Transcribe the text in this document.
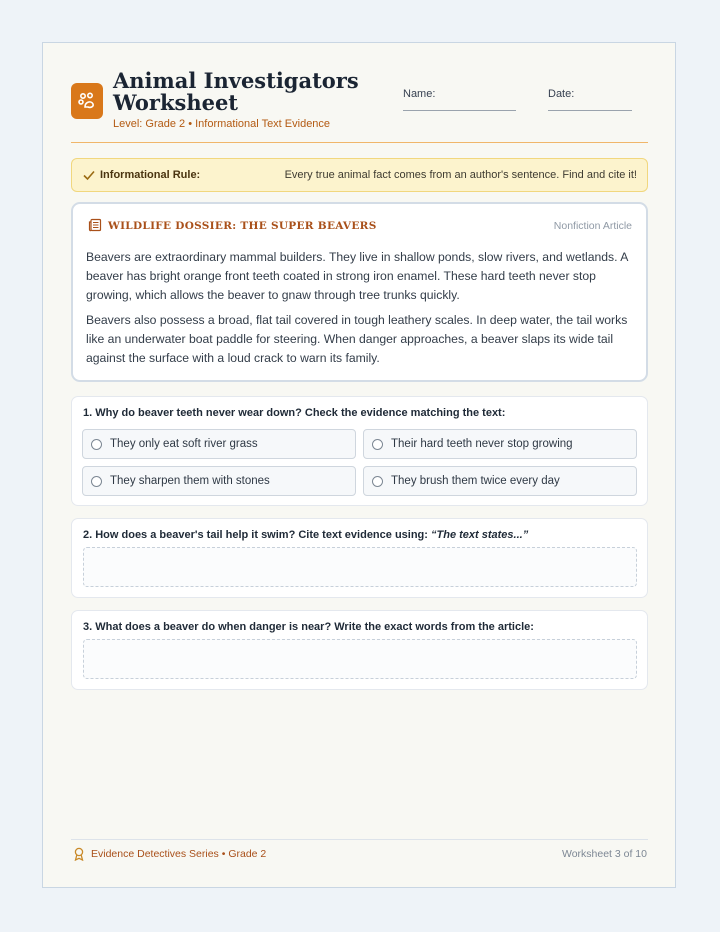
Animal Investigators
Worksheet
Level: Grade 2 • Informational Text Evidence
Name:	Date:
Informational Rule:	Every true animal fact comes from an author's sentence. Find and cite it!
WILDLIFE DOSSIER: THE SUPER BEAVERS	Nonfiction Article

Beavers are extraordinary mammal builders. They live in shallow ponds, slow rivers, and wetlands. A beaver has bright orange front teeth coated in strong iron enamel. These hard teeth never stop growing, which allows the beaver to gnaw through tree trunks quickly.

Beavers also possess a broad, flat tail covered in tough leathery scales. In deep water, the tail works like an underwater boat paddle for steering. When danger approaches, a beaver slaps its wide tail against the surface with a loud crack to warn its family.

1. Why do beaver teeth never wear down? Check the evidence matching the text:
They only eat soft river grass	Their hard teeth never stop growing
They sharpen them with stones	They brush them twice every day
2. How does a beaver's tail help it swim? Cite text evidence using: “The text states...”
3. What does a beaver do when danger is near? Write the exact words from the article:
Evidence Detectives Series • Grade 2	Worksheet 3 of 10
